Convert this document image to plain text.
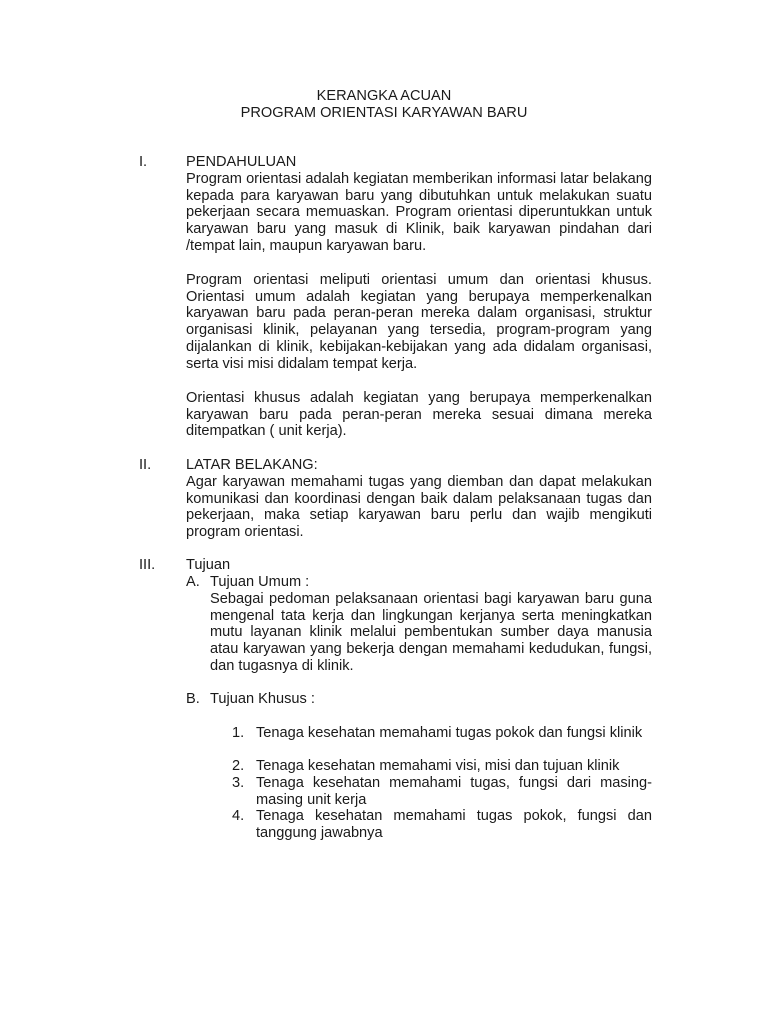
KERANGKA ACUAN
PROGRAM ORIENTASI KARYAWAN BARU
I.	PENDAHULUAN

Program orientasi adalah kegiatan memberikan informasi latar belakang kepada para karyawan baru yang dibutuhkan untuk melakukan suatu pekerjaan secara memuaskan. Program orientasi diperuntukkan untuk karyawan baru yang masuk di Klinik, baik karyawan pindahan dari /tempat lain, maupun karyawan baru.

Program orientasi meliputi orientasi umum dan orientasi khusus. Orientasi umum adalah kegiatan yang berupaya memperkenalkan karyawan baru pada peran-peran mereka dalam organisasi, struktur organisasi klinik, pelayanan yang tersedia, program-program yang dijalankan di klinik, kebijakan-kebijakan yang ada didalam organisasi, serta visi misi didalam tempat kerja.

Orientasi khusus adalah kegiatan yang berupaya memperkenalkan karyawan baru pada peran-peran mereka sesuai dimana mereka ditempatkan ( unit kerja).

II. LATAR BELAKANG:

Agar karyawan memahami tugas yang diemban dan dapat melakukan komunikasi dan koordinasi dengan baik dalam pelaksanaan tugas dan pekerjaan, maka setiap karyawan baru perlu dan wajib mengikuti program orientasi.

III. Tujuan
A. Tujuan Umum :

Sebagai pedoman pelaksanaan orientasi bagi karyawan baru guna mengenal tata kerja dan lingkungan kerjanya serta meningkatkan mutu layanan klinik melalui pembentukan sumber daya manusia atau karyawan yang bekerja dengan memahami kedudukan, fungsi, dan tugasnya di klinik.

B. Tujuan Khusus :
1. Tenaga kesehatan memahami tugas pokok dan fungsi klinik

2. Tenaga kesehatan memahami visi, misi dan tujuan klinik

3. Tenaga kesehatan memahami tugas, fungsi dari masing-masing unit kerja

4. Tenaga kesehatan memahami tugas pokok, fungsi dan tanggung jawabnya
